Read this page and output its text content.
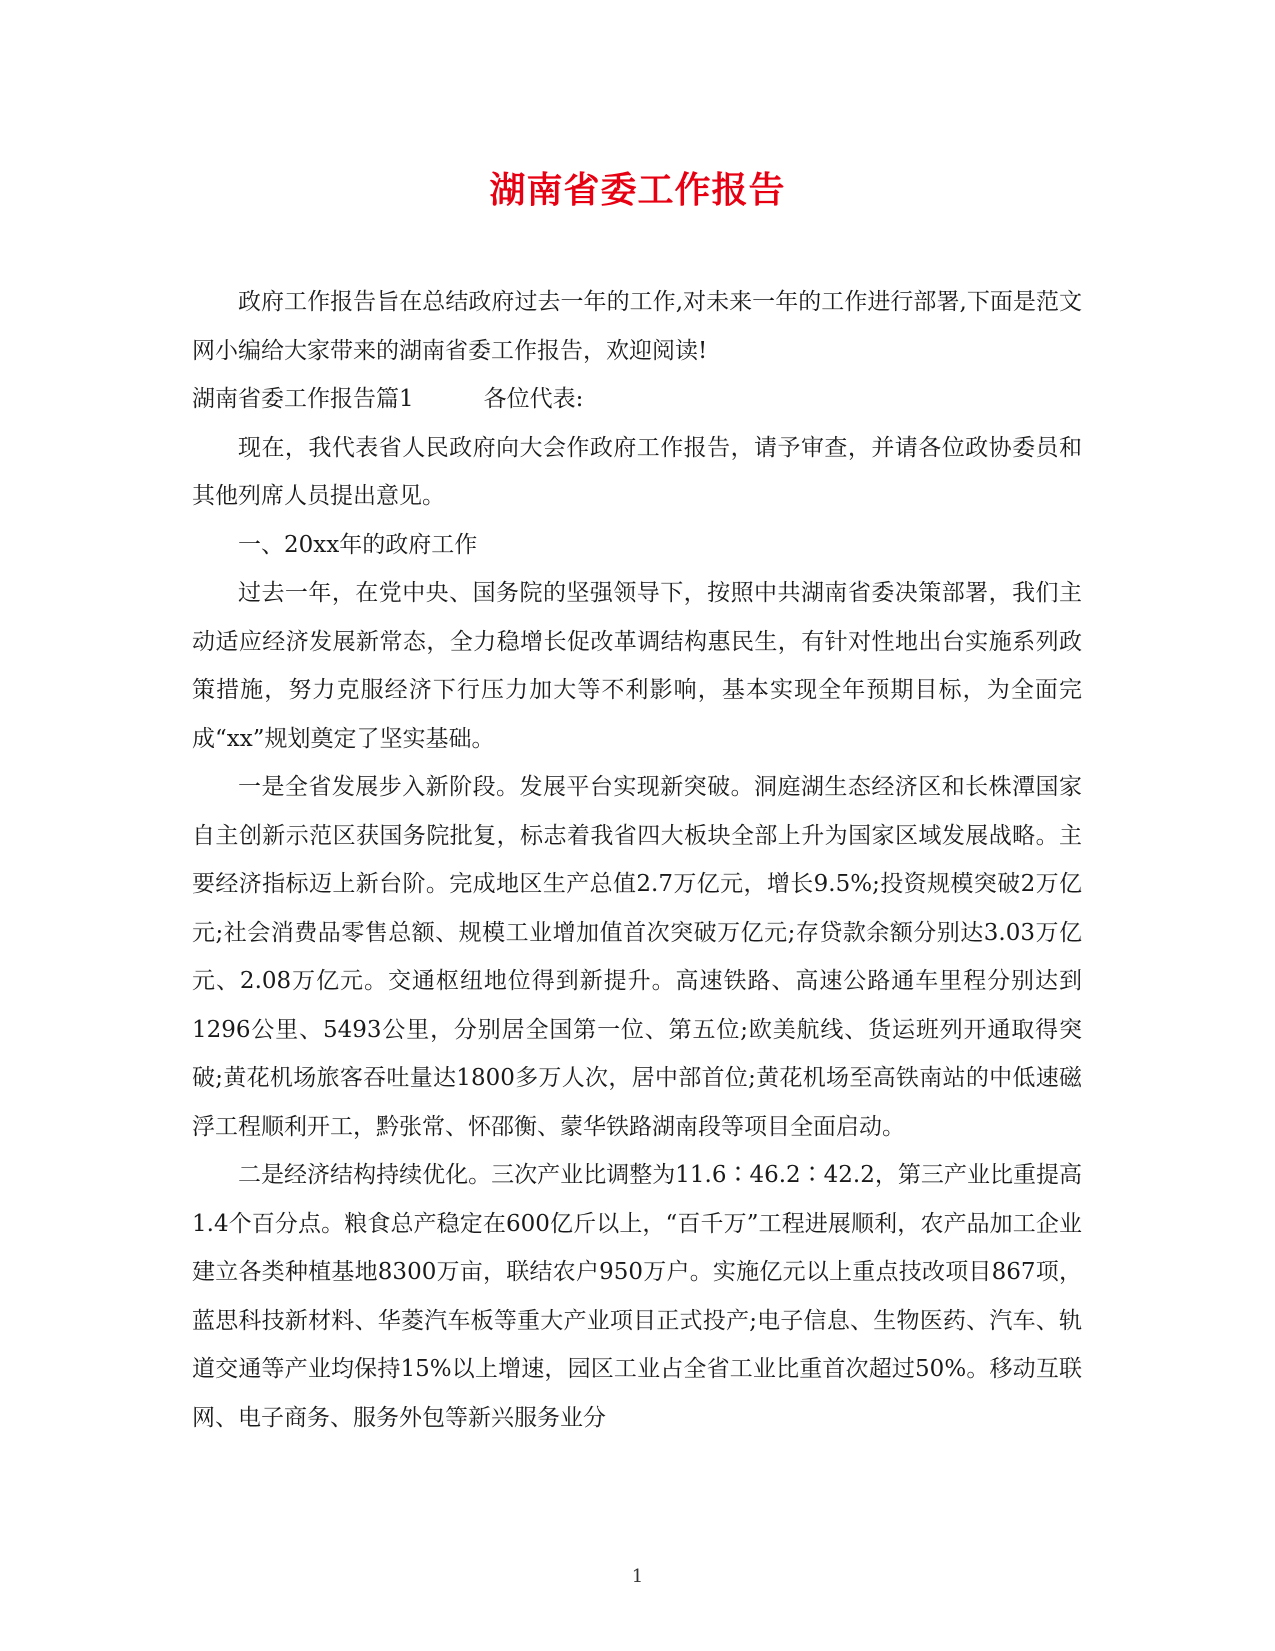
湖南省委工作报告

政府工作报告旨在总结政府过去一年的工作,对未来一年的工作进行部署,下面是范文网小编给大家带来的湖南省委工作报告，欢迎阅读!

湖南省委工作报告篇1	各位代表:

现在，我代表省人民政府向大会作政府工作报告，请予审查，并请各位政协委员和其他列席人员提出意见。

一、20xx年的政府工作

过去一年，在党中央、国务院的坚强领导下，按照中共湖南省委决策部署，我们主动适应经济发展新常态，全力稳增长促改革调结构惠民生，有针对性地出台实施系列政策措施，努力克服经济下行压力加大等不利影响，基本实现全年预期目标，为全面完成“xx”规划奠定了坚实基础。

一是全省发展步入新阶段。发展平台实现新突破。洞庭湖生态经济区和长株潭国家自主创新示范区获国务院批复，标志着我省四大板块全部上升为国家区域发展战略。主要经济指标迈上新台阶。完成地区生产总值2.7万亿元，增长9.5%;投资规模突破2万亿元;社会消费品零售总额、规模工业增加值首次突破万亿元;存贷款余额分别达3.03万亿元、2.08万亿元。交通枢纽地位得到新提升。高速铁路、高速公路通车里程分别达到1296公里、5493公里，分别居全国第一位、第五位;欧美航线、货运班列开通取得突破;黄花机场旅客吞吐量达1800多万人次，居中部首位;黄花机场至高铁南站的中低速磁浮工程顺利开工，黔张常、怀邵衡、蒙华铁路湖南段等项目全面启动。

二是经济结构持续优化。三次产业比调整为11.6∶46.2∶42.2，第三产业比重提高1.4个百分点。粮食总产稳定在600亿斤以上，“百千万”工程进展顺利，农产品加工企业建立各类种植基地8300万亩，联结农户950万户。实施亿元以上重点技改项目867项，蓝思科技新材料、华菱汽车板等重大产业项目正式投产;电子信息、生物医药、汽车、轨道交通等产业均保持15%以上增速，园区工业占全省工业比重首次超过50%。移动互联网、电子商务、服务外包等新兴服务业分

1
